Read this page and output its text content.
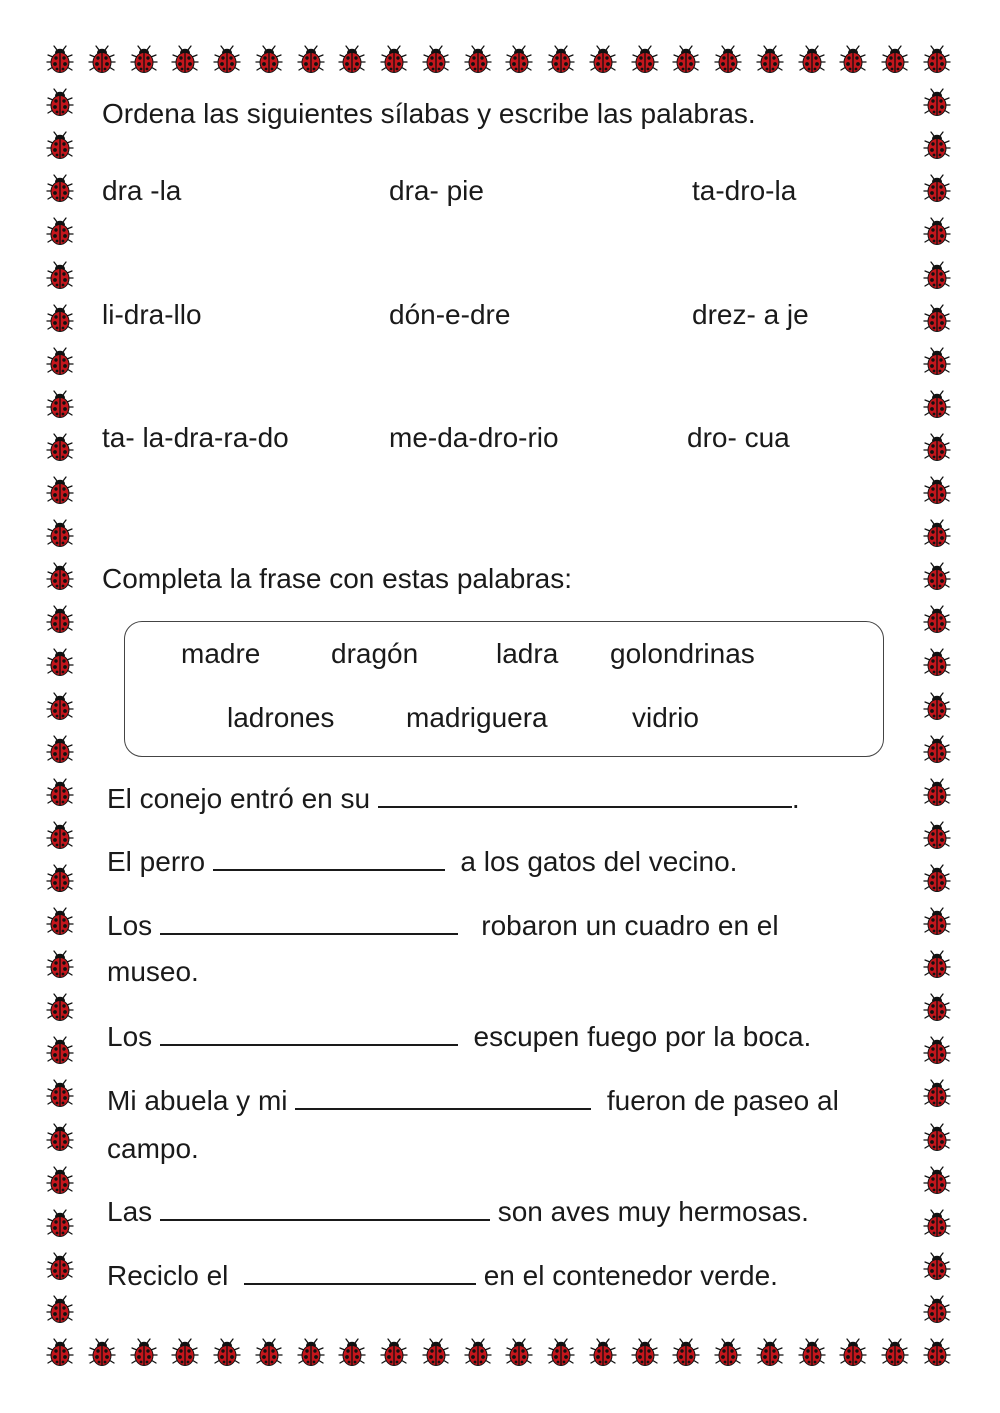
Ordena las siguientes sílabas y escribe las palabras.
dra -la	dra- pie	ta-dro-la
li-dra-llo	dón-e-dre	drez- a je
ta- la-dra-ra-do	me-da-dro-rio	dro- cua
Completa la frase con estas palabras:
madre	dragón	ladra golondrinas
ladrones	madriguera	vidrio
El conejo entró en su	.
El perro	a los gatos del vecino.
Los	robaron un cuadro en el
museo.
Los	escupen fuego por la boca.
Mi abuela y mi	fueron de paseo al
campo.
Las	son aves muy hermosas.
Reciclo el	en el contenedor verde.
